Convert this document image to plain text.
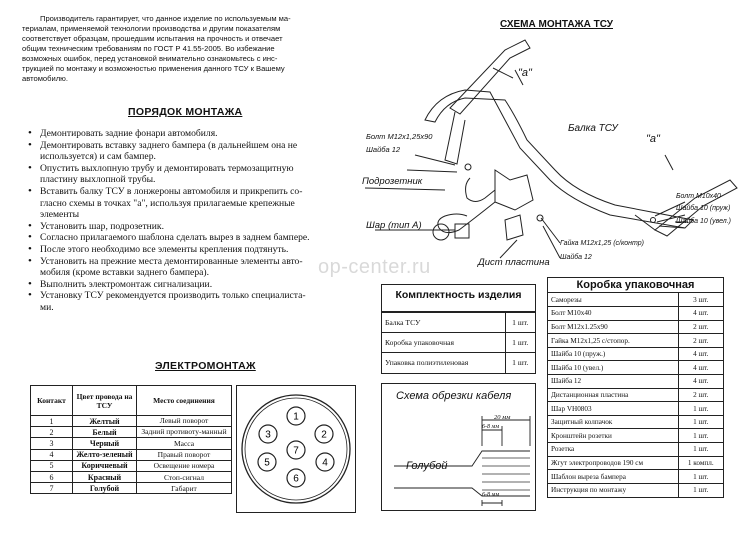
Производитель гарантирует, что данное изделие по используемым ма-
териалам, применяемой технологии производства и другим показателям
соответствует образцам, прошедшим испытания на прочность и отвечает
общим техническим требованиям по ГОСТ Р 41.55-2005. Во избежание
возможных ошибок, перед установкой внимательно ознакомьтесь с инс-
трукцией по монтажу и возможностью применения данного ТСУ к Вашему
автомобилю.
ПОРЯДОК МОНТАЖА
• Демонтировать задние фонари автомобиля.
• Демонтировать вставку заднего бампера (в дальнейшем она не
используется) и сам бампер.
• Опустить выхлопную трубу и демонтировать термозащитную
пластину выхлопной трубы.
• Вставить балку ТСУ в лонжероны автомобиля и прикрепить со-
гласно схемы в точках "а", используя прилагаемые крепежные
элементы
• Установить шар, подрозетник.
• Согласно прилагаемого шаблона сделать вырез в заднем бампере.
• После этого необходимо все элементы крепления подтянуть.
• Установить на прежние места демонтированные элементы авто-
мобиля (кроме вставки заднего бампера).
• Выполнить электромонтаж сигнализации.
• Установку ТСУ рекомендуется производить только специалиста-
ми.
ЭЛЕКТРОМОНТАЖ
Контакт	Цвет провода на ТСУ	Место соединения
1	Желтый	Левый поворот
2	Белый	Задний противоту-манный
3	Черный	Масса
4	Желто-зеленый	Правый поворот
5	Коричневый	Освещение номера
6	Красный	Стоп-сигнал
7	Голубой	Габарит
1
2
3
4
5
6
7
СХЕМА МОНТАЖА ТСУ
"а"
"а"
Болт М12х1,25х90
Шайба 12
Балка ТСУ
Подрозетник
Шар (тип А)
Гайка М12х1,25 (с/контр)
Шайба 12
Дист пластина
Болт М10х40
Шайба 10 (пруж)
Шайба 10 (увел.)
op-center.ru
Комплектность изделия
Балка ТСУ	1 шт.
Коробка упаковочная	1 шт.
Упаковка полиэтиленовая	1 шт.
Коробка упаковочная
Саморезы	3 шт.
Болт М10х40	4 шт.
Болт М12х1.25х90	2 шт.
Гайка М12х1,25 с/стопор.	2 шт.
Шайба 10 (пруж.)	4 шт.
Шайба 10 (увел.)	4 шт.
Шайба 12	4 шт.
Дистанционная пластина	2 шт.
Шар VH0803	1 шт.
Защитный колпачок	1 шт.
Кронштейн розетки	1 шт.
Розетка	1 шт.
Жгут электропроводов 190 см	1 компл.
Шаблон выреза бампера	1 шт.
Инструкция по монтажу	1 шт.
Схема обрезки кабеля
20 мм
6-8 мм
6-8 мм
Голубой
